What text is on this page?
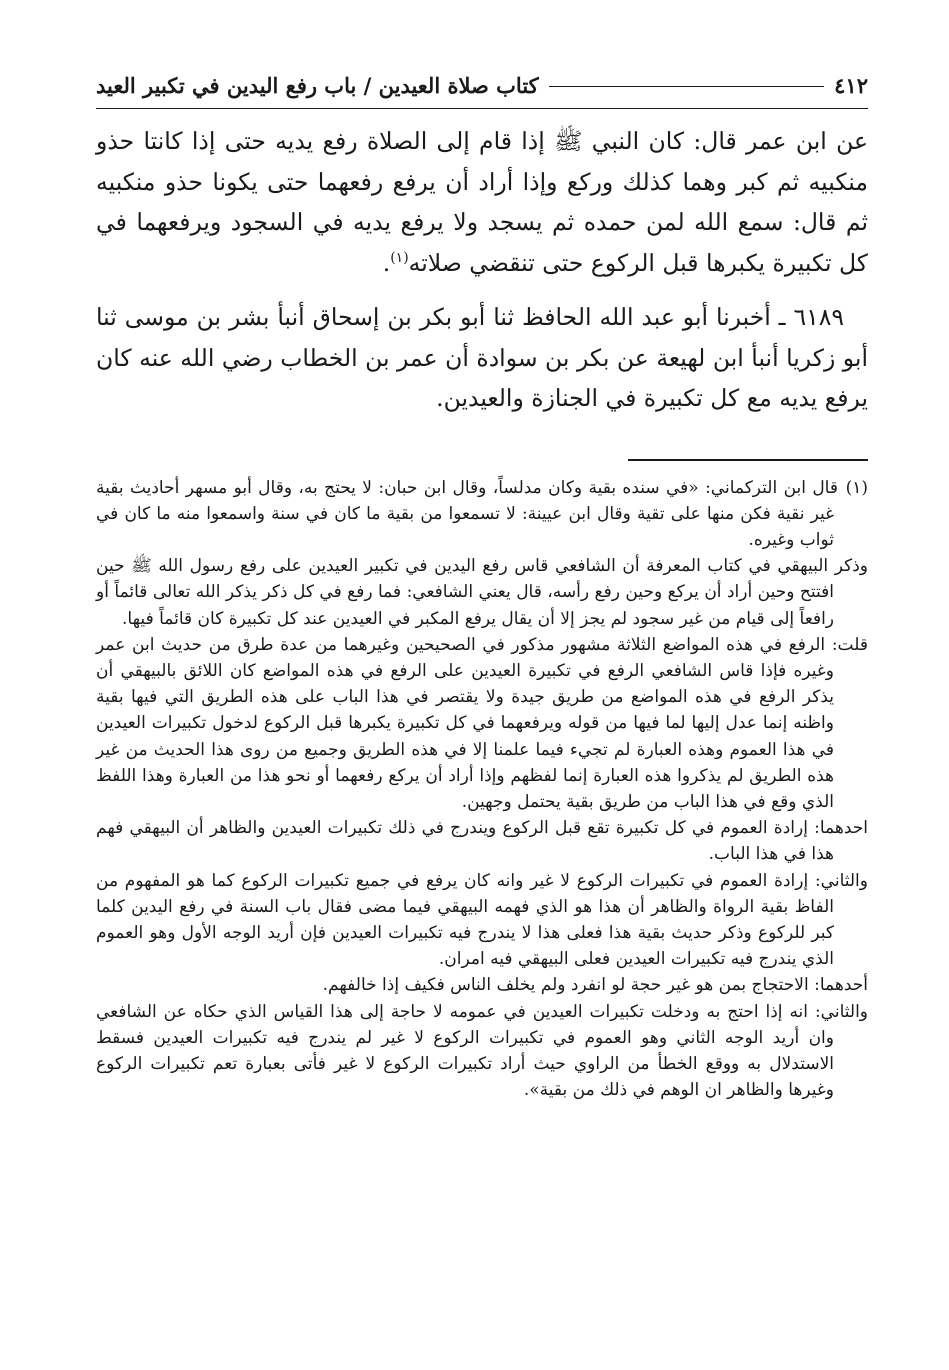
٤١٢
كتاب صلاة العيدين / باب رفع اليدين في تكبير العيد

عن ابن عمر قال: كان النبي ﷺ إذا قام إلى الصلاة رفع يديه حتى إذا كانتا حذو منكبيه ثم كبر وهما كذلك وركع وإذا أراد أن يرفع رفعهما حتى يكونا حذو منكبيه ثم قال: سمع الله لمن حمده ثم يسجد ولا يرفع يديه في السجود ويرفعهما في كل تكبيرة يكبرها قبل الركوع حتى تنقضي صلاته$^{(١)}$.

٦١٨٩ ـ أخبرنا أبو عبد الله الحافظ ثنا أبو بكر بن إسحاق أنبأ بشر بن موسى ثنا أبو زكريا أنبأ ابن لهيعة عن بكر بن سوادة أن عمر بن الخطاب رضي الله عنه كان يرفع يديه مع كل تكبيرة في الجنازة والعيدين.

(١)قال ابن التركماني: «في سنده بقية وكان مدلساً، وقال ابن حبان: لا يحتج به، وقال أبو مسهر أحاديث بقية غير نقية فكن منها على تقية وقال ابن عيينة: لا تسمعوا من بقية ما كان في سنة واسمعوا منه ما كان في ثواب وغيره.

وذكر البيهقي في كتاب المعرفة أن الشافعي قاس رفع اليدين في تكبير العيدين على رفع رسول الله ﷺ حين افتتح وحين أراد أن يركع وحين رفع رأسه، قال يعني الشافعي: فما رفع في كل ذكر يذكر الله تعالى قائماً أو رافعاً إلى قيام من غير سجود لم يجز إلا أن يقال يرفع المكبر في العيدين عند كل تكبيرة كان قائماً فيها.

قلت: الرفع في هذه المواضع الثلاثة مشهور مذكور في الصحيحين وغيرهما من عدة طرق من حديث ابن عمر وغيره فإذا قاس الشافعي الرفع في تكبيرة العيدين على الرفع في هذه المواضع كان اللائق بالبيهقي أن يذكر الرفع في هذه المواضع من طريق جيدة ولا يقتصر في هذا الباب على هذه الطريق التي فيها بقية واظنه إنما عدل إليها لما فيها من قوله ويرفعهما في كل تكبيرة يكبرها قبل الركوع لدخول تكبيرات العيدين في هذا العموم وهذه العبارة لم تجيء فيما علمنا إلا في هذه الطريق وجميع من روى هذا الحديث من غير هذه الطريق لم يذكروا هذه العبارة إنما لفظهم وإذا أراد أن يركع رفعهما أو نحو هذا من العبارة وهذا اللفظ الذي وقع في هذا الباب من طريق بقية يحتمل وجهين.

احدهما: إرادة العموم في كل تكبيرة تقع قبل الركوع ويندرج في ذلك تكبيرات العيدين والظاهر أن البيهقي فهم هذا في هذا الباب.

والثاني: إرادة العموم في تكبيرات الركوع لا غير وانه كان يرفع في جميع تكبيرات الركوع كما هو المفهوم من الفاظ بقية الرواة والظاهر أن هذا هو الذي فهمه البيهقي فيما مضى فقال باب السنة في رفع اليدين كلما كبر للركوع وذكر حديث بقية هذا فعلى هذا لا يندرج فيه تكبيرات العيدين فإن أريد الوجه الأول وهو العموم الذي يندرج فيه تكبيرات العيدين فعلى البيهقي فيه امران.

أحدهما: الاحتجاج بمن هو غير حجة لو انفرد ولم يخلف الناس فكيف إذا خالفهم.

والثاني: انه إذا احتج به ودخلت تكبيرات العيدين في عمومه لا حاجة إلى هذا القياس الذي حكاه عن الشافعي وان أريد الوجه الثاني وهو العموم في تكبيرات الركوع لا غير لم يندرج فيه تكبيرات العيدين فسقط الاستدلال به ووقع الخطأ من الراوي حيث أراد تكبيرات الركوع لا غير فأتى بعبارة تعم تكبيرات الركوع وغيرها والظاهر ان الوهم في ذلك من بقية».
